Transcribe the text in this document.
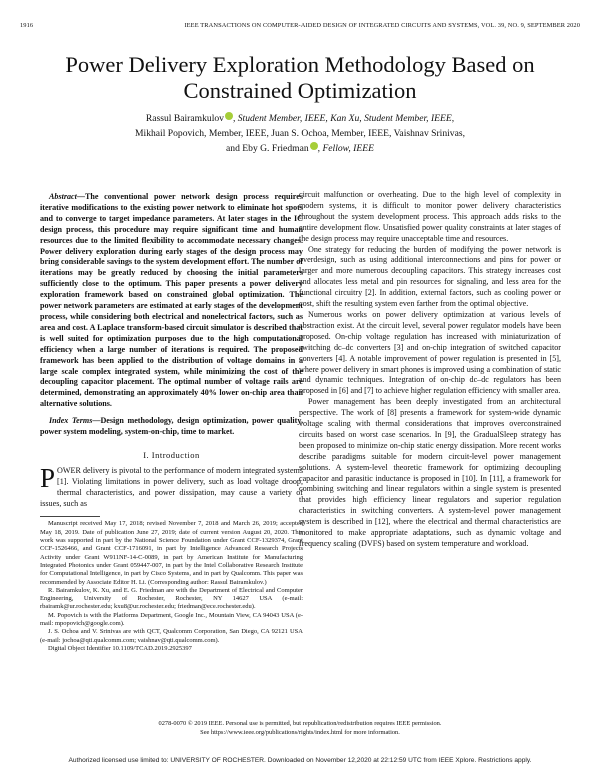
1916	IEEE TRANSACTIONS ON COMPUTER-AIDED DESIGN OF INTEGRATED CIRCUITS AND SYSTEMS, VOL. 39, NO. 9, SEPTEMBER 2020
Power Delivery Exploration Methodology Based on Constrained Optimization
Rassul Bairamkulov , Student Member, IEEE, Kan Xu, Student Member, IEEE,
Mikhail Popovich, Member, IEEE, Juan S. Ochoa, Member, IEEE, Vaishnav Srinivas,
and Eby G. Friedman , Fellow, IEEE

Abstract—The conventional power network design process requires iterative modifications to the existing power network to eliminate hot spots and to converge to target impedance parameters. At later stages in the IC design process, this procedure may require significant time and human resources due to the limited flexibility to accommodate necessary changes. Power delivery exploration during early stages of the design process may bring considerable savings to the system development effort. The number of iterations may be greatly reduced by choosing the initial parameters sufficiently close to the optimum. This paper presents a power delivery exploration framework based on constrained global optimization. The power network parameters are estimated at early stages of the development process, while considering both electrical and nonelectrical factors, such as area and cost. A Laplace transform-based circuit simulator is described that is well suited for optimization purposes due to the high computational efficiency when a large number of iterations is required. The proposed framework has been applied to the distribution of voltage domains in a large scale complex integrated system, while minimizing the cost of the decoupling capacitor placement. The optimal number of voltage rails are determined, demonstrating an approximately 40% lower on-chip area than alternative solutions.

Index Terms—Design methodology, design optimization, power quality, power system modeling, system-on-chip, time to market.

I. Introduction

POWER delivery is pivotal to the performance of modern integrated systems [1]. Violating limitations in power delivery, such as load voltage droop, thermal characteristics, and power dissipation, may cause a variety of issues, such as

Manuscript received May 17, 2018; revised November 7, 2018 and March 26, 2019; accepted May 18, 2019. Date of publication June 27, 2019; date of current version August 20, 2020. This work was supported in part by the National Science Foundation under Grant CCF-1329374, Grant CCF-1526466, and Grant CCF-1716091, in part by Intelligence Advanced Research Projects Activity under Grant W911NF-14-C-0089, in part by American Institute for Manufacturing Integrated Photonics under Grant 059447-007, in part by the Intel Collaborative Research Institute for Computational Intelligence, in part by Cisco Systems, and in part by Qualcomm. This paper was recommended by Associate Editor H. Li. (Corresponding author: Rassul Bairamkulov.)

R. Bairamkulov, K. Xu, and E. G. Friedman are with the Department of Electrical and Computer Engineering, University of Rochester, Rochester, NY 14627 USA (e-mail: rbairamk@ur.rochester.edu; kxu8@ur.rochester.edu; friedman@ece.rochester.edu).

M. Popovich is with the Platforms Department, Google Inc., Mountain View, CA 94043 USA (e-mail: mpopovich@google.com).

J. S. Ochoa and V. Srinivas are with QCT, Qualcomm Corporation, San Diego, CA 92121 USA (e-mail: jochoa@qti.qualcomm.com; vaishnav@qti.qualcomm.com).

Digital Object Identifier 10.1109/TCAD.2019.2925397

circuit malfunction or overheating. Due to the high level of complexity in modern systems, it is difficult to monitor power delivery characteristics throughout the system development process. This approach adds risks to the entire development flow. Unsatisfied power quality constraints at later stages of the design process may require unacceptable time and resources.

One strategy for reducing the burden of modifying the power network is overdesign, such as using additional interconnections and pins for power or larger and more numerous decoupling capacitors. This strategy increases cost and allocates less metal and pin resources for signaling, and less area for the functional circuitry [2]. In addition, external factors, such as cooling power or cost, shift the resulting system even farther from the optimal objective.

Numerous works on power delivery optimization at various levels of abstraction exist. At the circuit level, several power regulator models have been proposed. On-chip voltage regulation has increased with miniaturization of switching dc–dc converters [3] and on-chip integration of switched capacitor converters [4]. A notable improvement of power regulation is presented in [5], where power delivery in smart phones is improved using a combination of static and dynamic techniques. Integration of on-chip dc–dc regulators has been proposed in [6] and [7] to achieve higher regulation efficiency with smaller area.

Power management has been deeply investigated from an architectural perspective. The work of [8] presents a framework for system-wide dynamic voltage scaling with thermal considerations that improves overconstrained circuits based on worst case scenarios. In [9], the GradualSleep strategy has been proposed to minimize on-chip static energy dissipation. More recent works describe paradigms suitable for modern circuit-level power management solutions. A system-level theoretic framework for optimizing decoupling capacitor and parasitic inductance is proposed in [10]. In [11], a framework for combining switching and linear regulators within a single system is presented that provides high efficiency linear regulators and superior regulation characteristics in switching converters. A system-level power management system is described in [12], where the electrical and thermal characteristics are monitored to make appropriate adaptations, such as dynamic voltage and frequency scaling (DVFS) based on system temperature and workload.

0278-0070 © 2019 IEEE. Personal use is permitted, but republication/redistribution requires IEEE permission.
See https://www.ieee.org/publications/rights/index.html for more information.
Authorized licensed use limited to: UNIVERSITY OF ROCHESTER. Downloaded on November 12,2020 at 22:12:59 UTC from IEEE Xplore. Restrictions apply.
